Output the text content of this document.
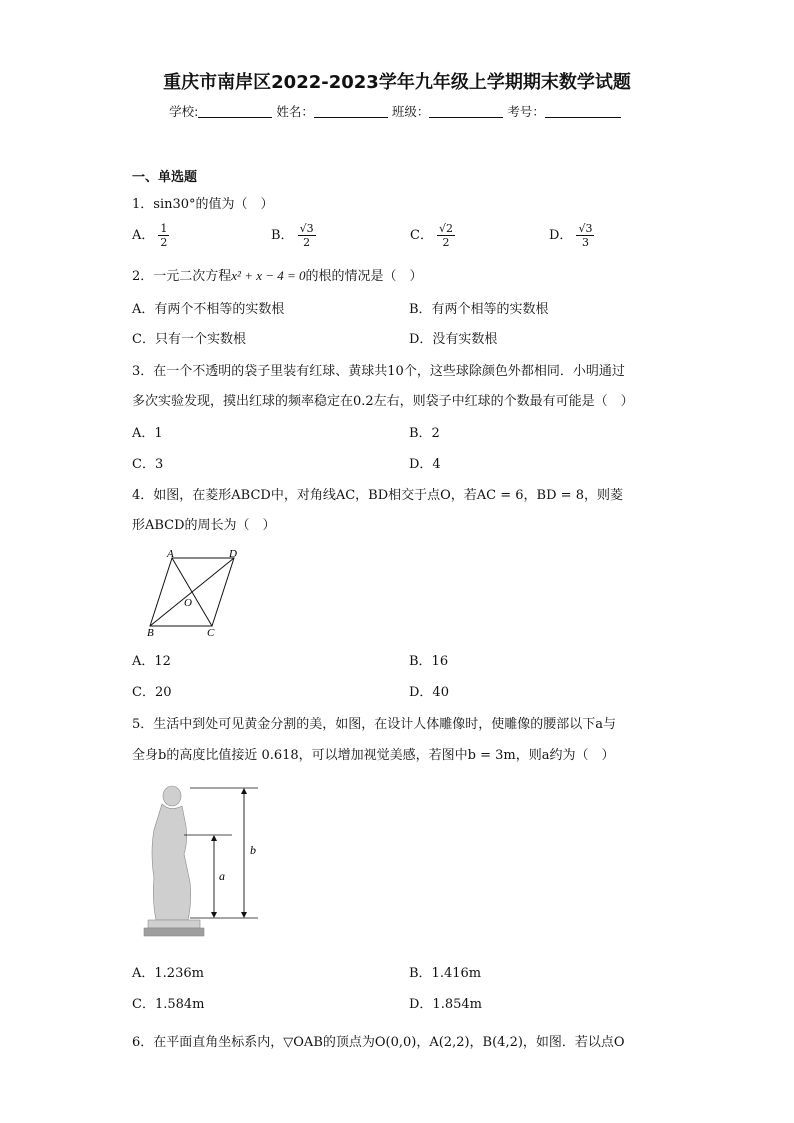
重庆市南岸区2022-2023学年九年级上学期期末数学试题
学校:	姓名：	班级：	考号：
一、单选题
1．sin30°的值为（　）
A． $\frac{1}{2}$	B． $\frac{√3}{2}$	C． $\frac{√2}{2}$	D． $\frac{√3}{3}$
2．一元二次方程x² + x − 4 = 0的根的情况是（　）
A．有两个不相等的实数根	B．有两个相等的实数根
C．只有一个实数根	D．没有实数根
3．在一个不透明的袋子里装有红球、黄球共10个，这些球除颜色外都相同．小明通过
多次实验发现，摸出红球的频率稳定在0.2左右，则袋子中红球的个数最有可能是（　）
A．1	B．2
C．3	D．4
4．如图，在菱形ABCD中，对角线AC，BD相交于点O，若AC = 6，BD = 8，则菱
形ABCD的周长为（　）
A	D
O
B	C
A．12	B．16
C．20	D．40
5．生活中到处可见黄金分割的美，如图，在设计人体雕像时，使雕像的腰部以下a与
全身b的高度比值接近 0.618，可以增加视觉美感，若图中b = 3m，则a约为（　）
b
a
A．1.236m	B．1.416m
C．1.584m	D．1.854m
6．在平面直角坐标系内，▽OAB的顶点为O(0,0)，A(2,2)，B(4,2)，如图．若以点O
